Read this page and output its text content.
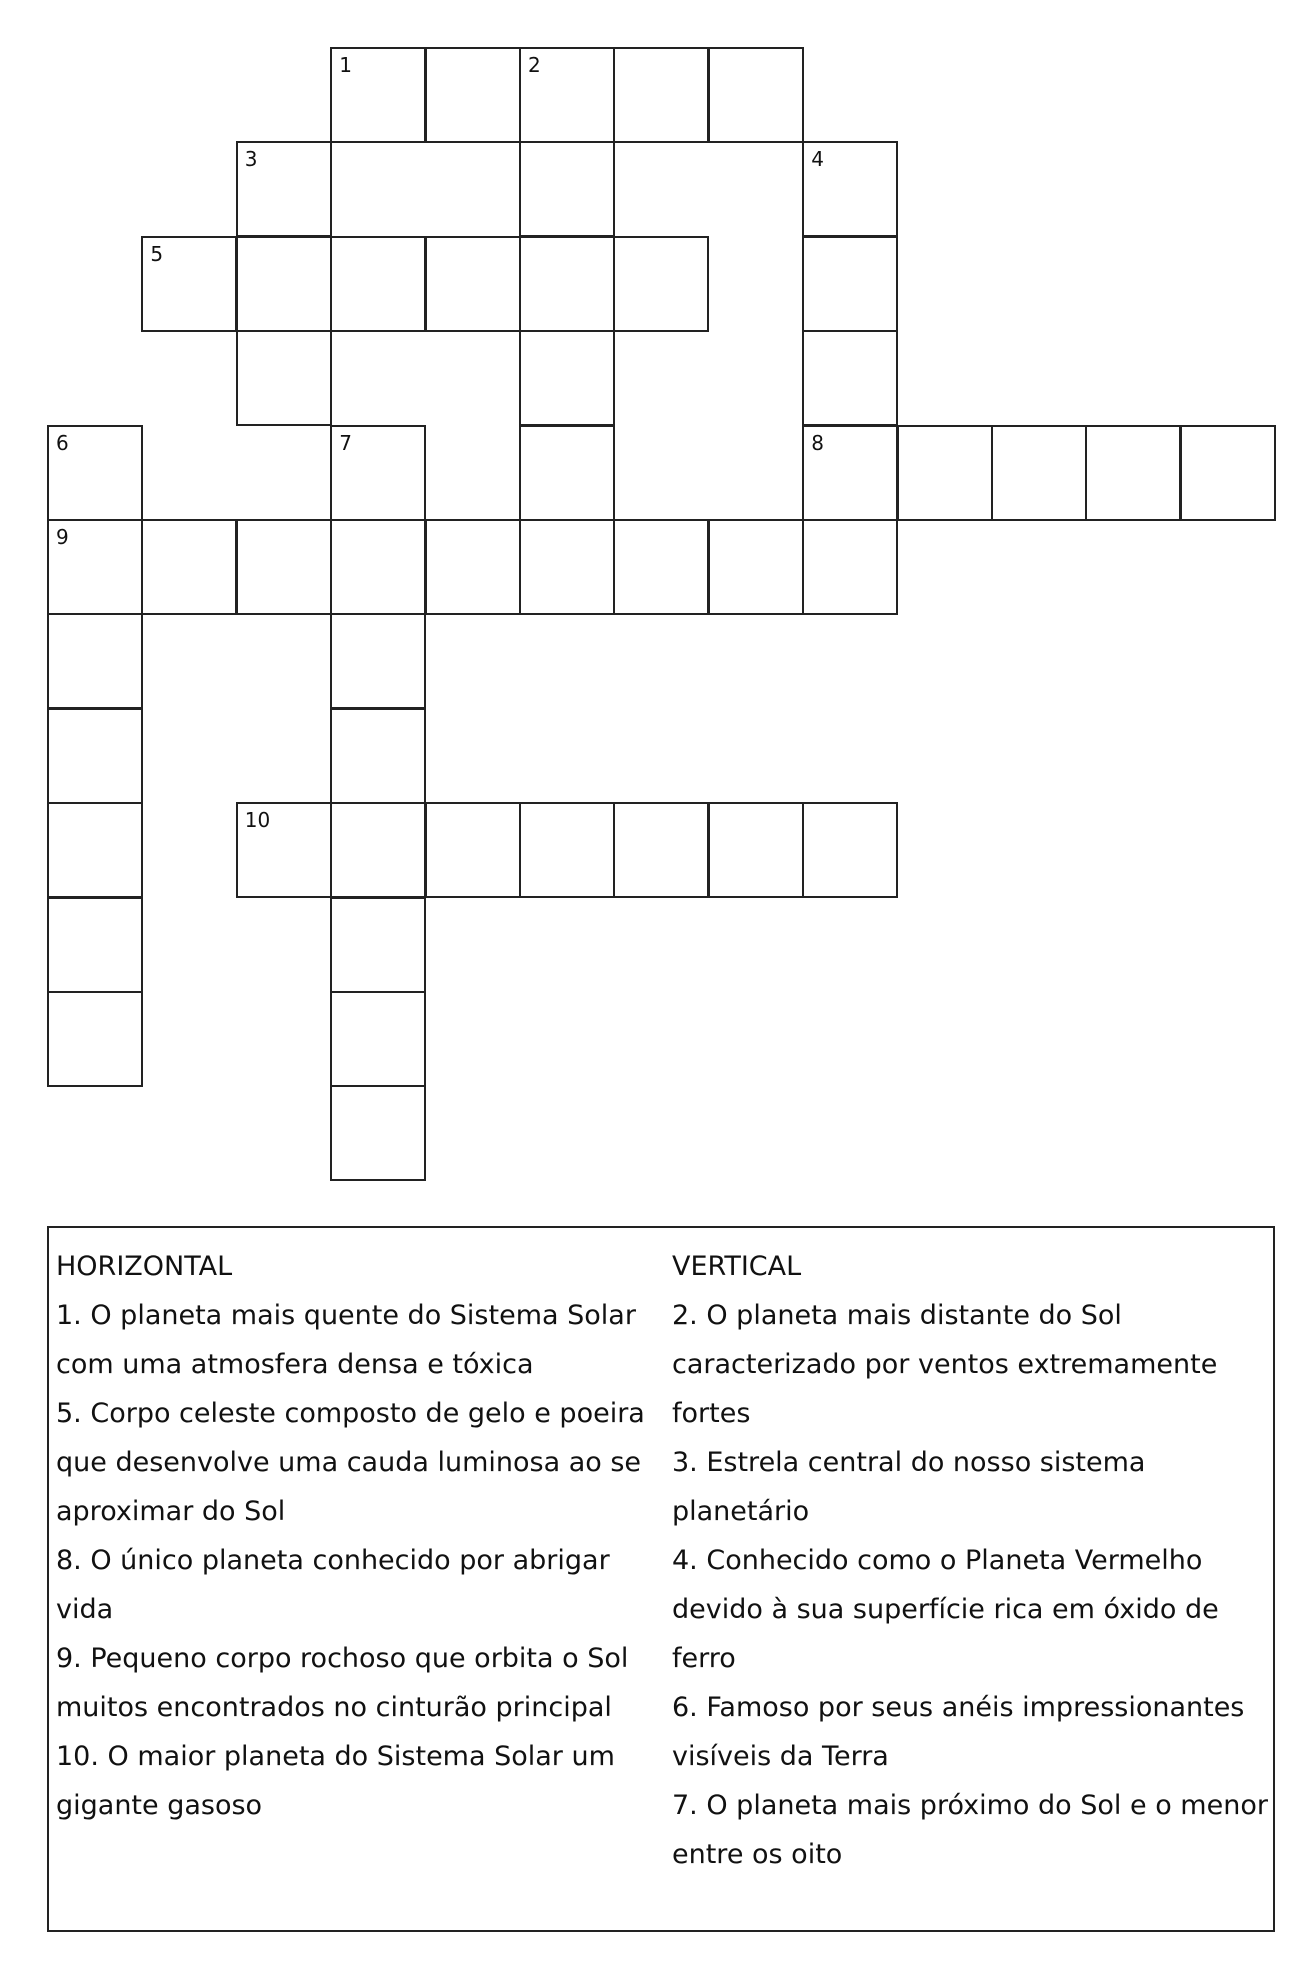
1	2
3	4
5
6	7	8
9
10
HORIZONTAL
1. O planeta mais quente do Sistema Solar
com uma atmosfera densa e tóxica
5. Corpo celeste composto de gelo e poeira
que desenvolve uma cauda luminosa ao se
aproximar do Sol
8. O único planeta conhecido por abrigar
vida
9. Pequeno corpo rochoso que orbita o Sol
muitos encontrados no cinturão principal
10. O maior planeta do Sistema Solar um
gigante gasoso
VERTICAL
2. O planeta mais distante do Sol
caracterizado por ventos extremamente
fortes
3. Estrela central do nosso sistema
planetário
4. Conhecido como o Planeta Vermelho
devido à sua superfície rica em óxido de
ferro
6. Famoso por seus anéis impressionantes
visíveis da Terra
7. O planeta mais próximo do Sol e o menor
entre os oito
